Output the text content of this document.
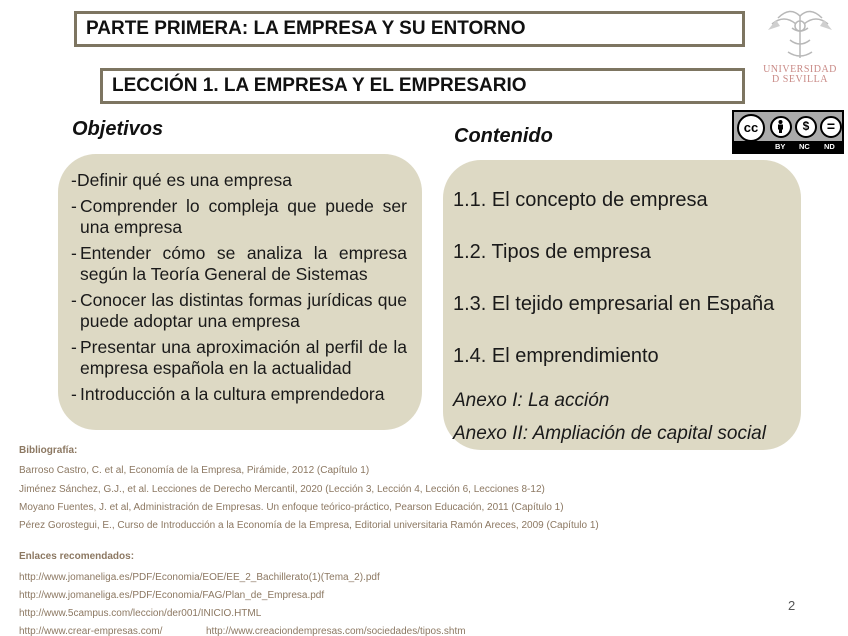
PARTE PRIMERA: LA EMPRESA Y SU ENTORNO
LECCIÓN 1. LA EMPRESA Y EL EMPRESARIO
UNIVERSIDAD
D SEVILLA
cc	$	=
BY NC ND
Objetivos	Contenido
- Definir qué es una empresa
- Comprender lo compleja que puede ser una empresa
- Entender cómo se analiza la empresa según la Teoría General de Sistemas
- Conocer las distintas formas jurídicas que puede adoptar una empresa
- Presentar una aproximación al perfil de la empresa española en la actualidad
- Introducción a la cultura emprendedora
1.1. El concepto de empresa
1.2. Tipos de empresa
1.3. El tejido empresarial en España
1.4. El emprendimiento
Anexo I: La acción
Anexo II: Ampliación de capital social
Bibliografía:
Barroso Castro, C. et al, Economía de la Empresa, Pirámide, 2012 (Capítulo 1)
Jiménez Sánchez, G.J., et al. Lecciones de Derecho Mercantil, 2020 (Lección 3, Lección 4, Lección 6, Lecciones 8-12)
Moyano Fuentes, J. et al, Administración de Empresas. Un enfoque teórico-práctico, Pearson Educación, 2011 (Capítulo 1)
Pérez Gorostegui, E., Curso de Introducción a la Economía de la Empresa, Editorial universitaria Ramón Areces, 2009 (Capítulo 1)
Enlaces recomendados:
http://www.jomaneliga.es/PDF/Economia/EOE/EE_2_Bachillerato(1)(Tema_2).pdf
http://www.jomaneliga.es/PDF/Economia/FAG/Plan_de_Empresa.pdf
http://www.5campus.com/leccion/der001/INICIO.HTML
http://www.crear-empresas.com/	http://www.creaciondempresas.com/sociedades/tipos.shtm
2
